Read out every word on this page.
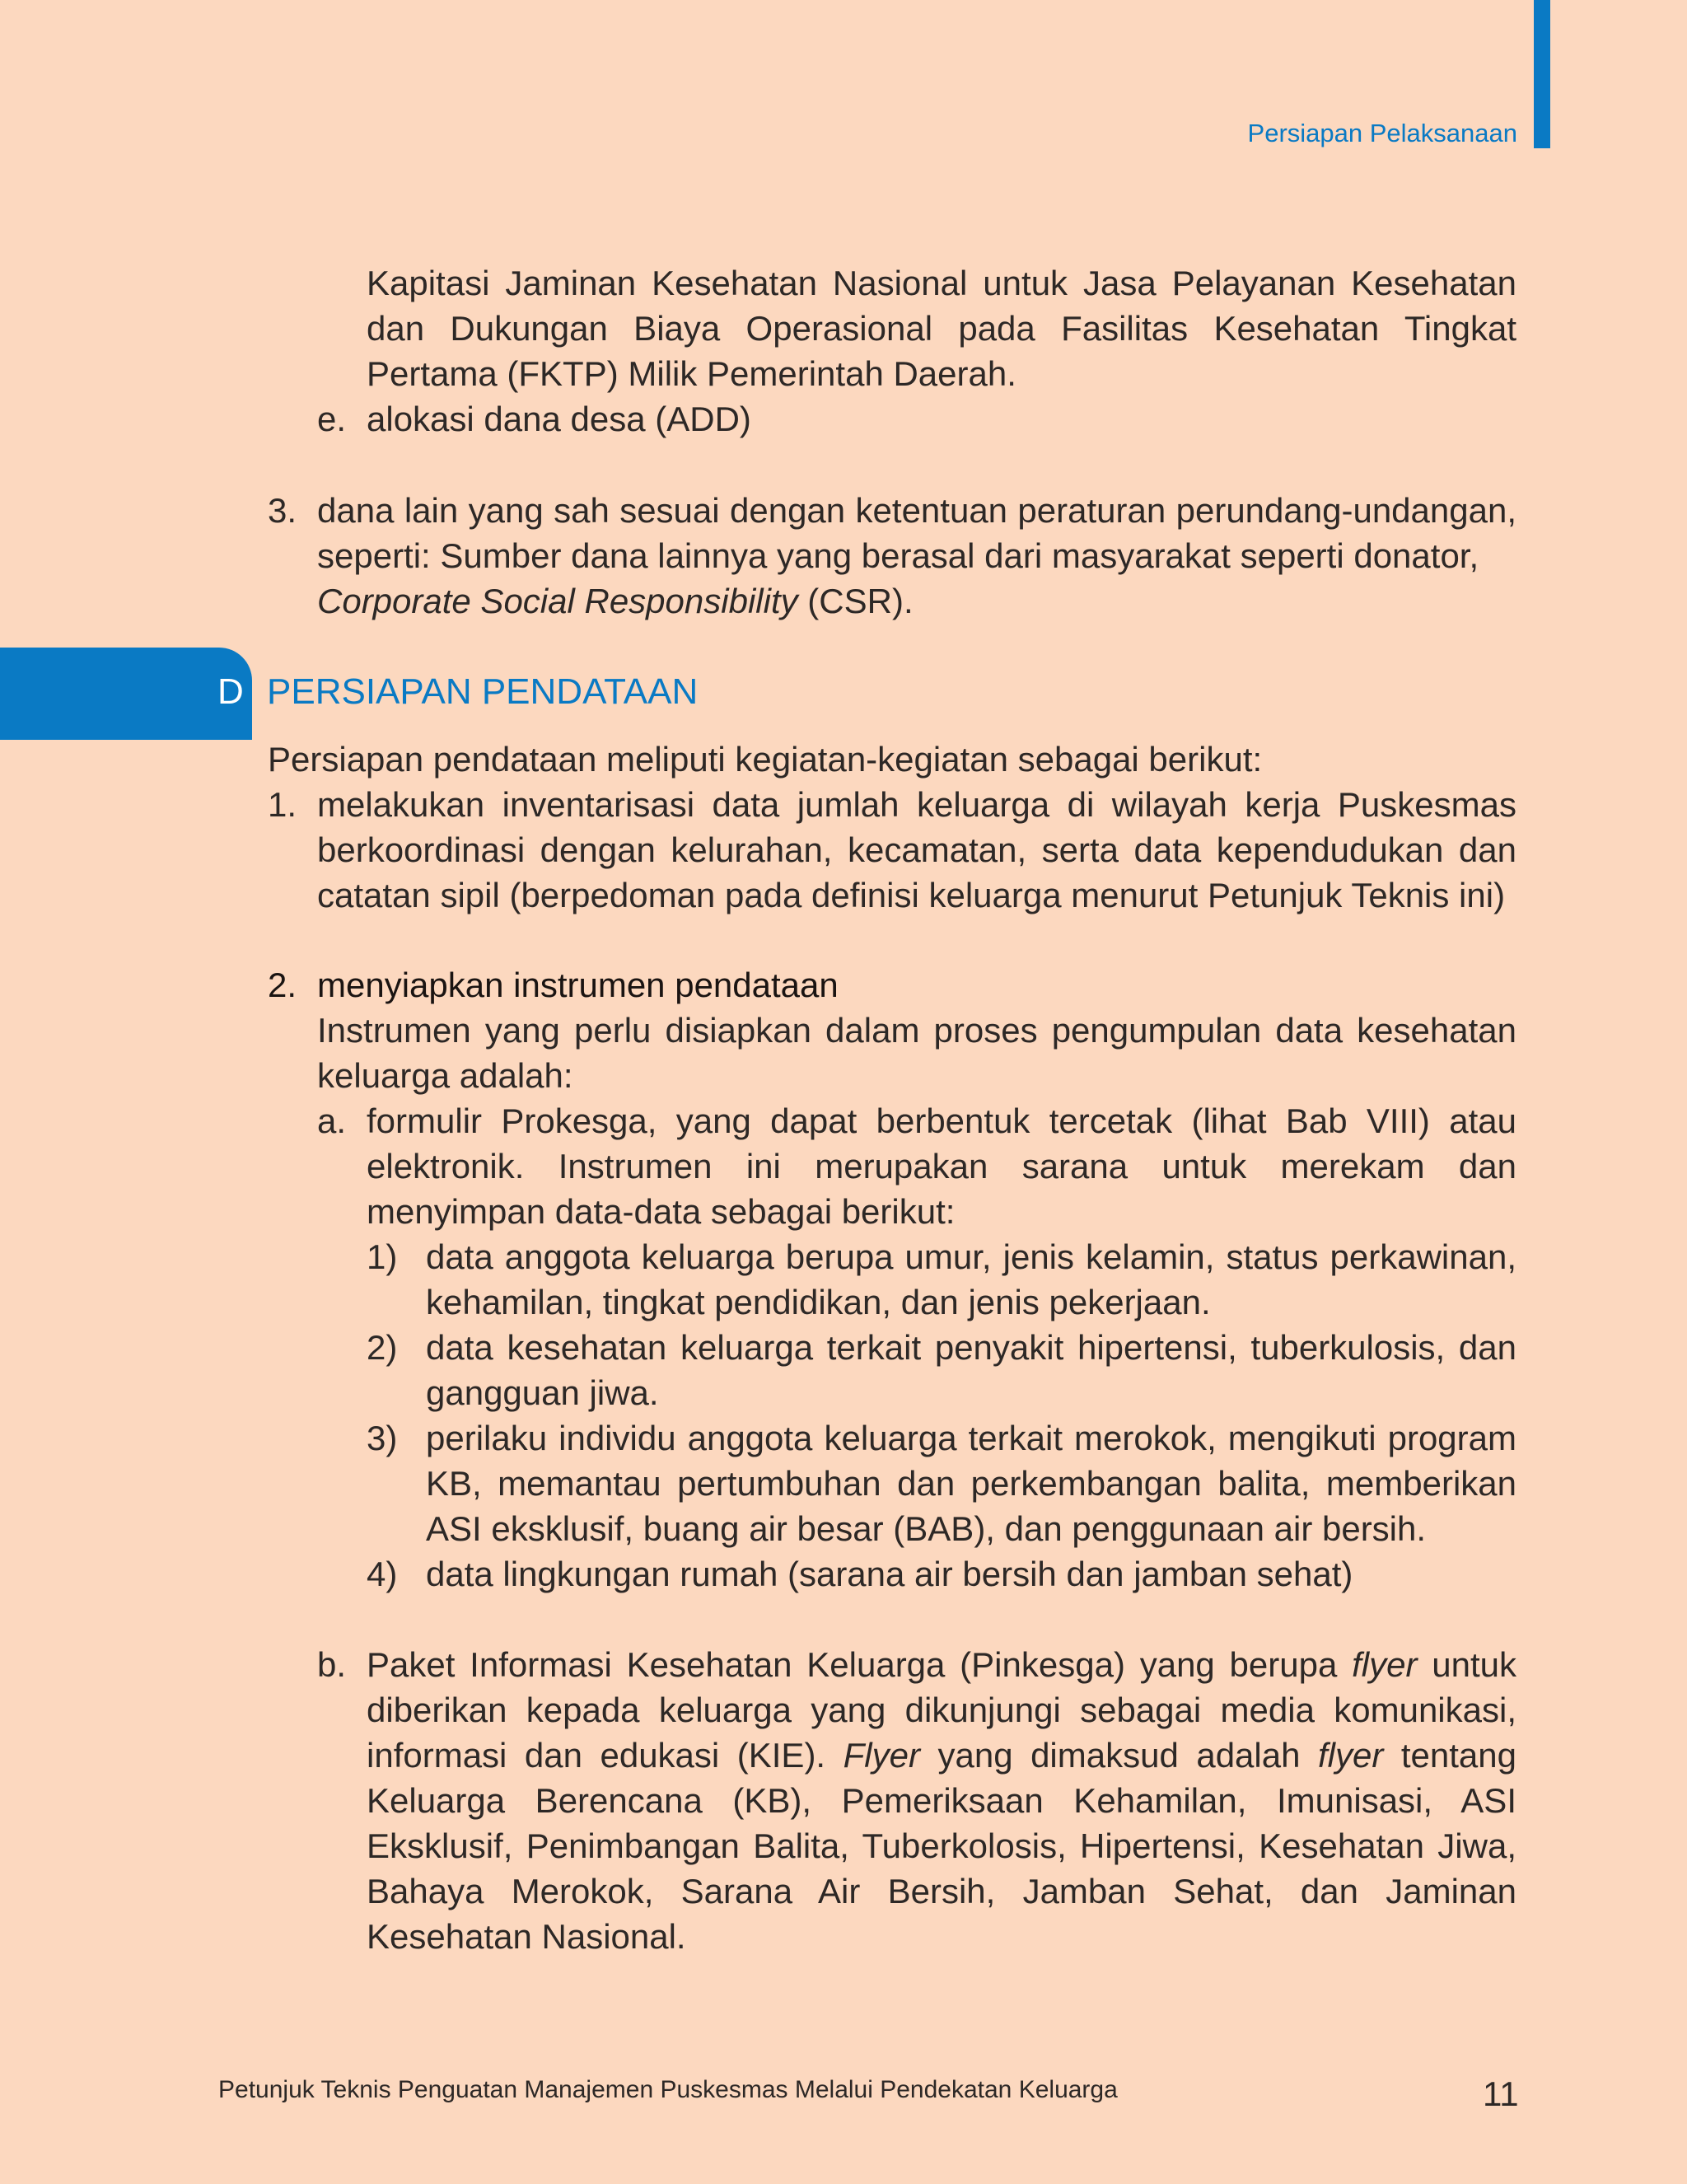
Persiapan Pelaksanaan

Kapitasi Jaminan Kesehatan Nasional untuk Jasa Pelayanan Kesehatan dan Dukungan Biaya Operasional pada Fasilitas Kesehatan Tingkat Pertama (FKTP) Milik Pemerintah Daerah.

e. alokasi dana desa (ADD)

3. dana lain yang sah sesuai dengan ketentuan peraturan perundang-undangan, seperti: Sumber dana lainnya yang berasal dari masyarakat seperti donator,

Corporate Social Responsibility (CSR).

D PERSIAPAN PENDATAAN

Persiapan pendataan meliputi kegiatan-kegiatan sebagai berikut:

1. melakukan inventarisasi data jumlah keluarga di wilayah kerja Puskesmas berkoordinasi dengan kelurahan, kecamatan, serta data kependudukan dan catatan sipil (berpedoman pada definisi keluarga menurut Petunjuk Teknis ini)

2. menyiapkan instrumen pendataan

Instrumen yang perlu disiapkan dalam proses pengumpulan data kesehatan keluarga adalah:

a. formulir Prokesga, yang dapat berbentuk tercetak (lihat Bab VIII) atau elektronik. Instrumen ini merupakan sarana untuk merekam dan menyimpan data-data sebagai berikut:

1) data anggota keluarga berupa umur, jenis kelamin, status perkawinan, kehamilan, tingkat pendidikan, dan jenis pekerjaan.

2) data kesehatan keluarga terkait penyakit hipertensi, tuberkulosis, dan gangguan jiwa.

3) perilaku individu anggota keluarga terkait merokok, mengikuti program KB, memantau pertumbuhan dan perkembangan balita, memberikan ASI eksklusif, buang air besar (BAB), dan penggunaan air bersih.

4) data lingkungan rumah (sarana air bersih dan jamban sehat)

b. Paket Informasi Kesehatan Keluarga (Pinkesga) yang berupa flyer untuk diberikan kepada keluarga yang dikunjungi sebagai media komunikasi, informasi dan edukasi (KIE). Flyer yang dimaksud adalah flyer tentang Keluarga Berencana (KB), Pemeriksaan Kehamilan, Imunisasi, ASI Eksklusif, Penimbangan Balita, Tuberkolosis, Hipertensi, Kesehatan Jiwa, Bahaya Merokok, Sarana Air Bersih, Jamban Sehat, dan Jaminan Kesehatan Nasional.

Petunjuk Teknis Penguatan Manajemen Puskesmas Melalui Pendekatan Keluarga	11
